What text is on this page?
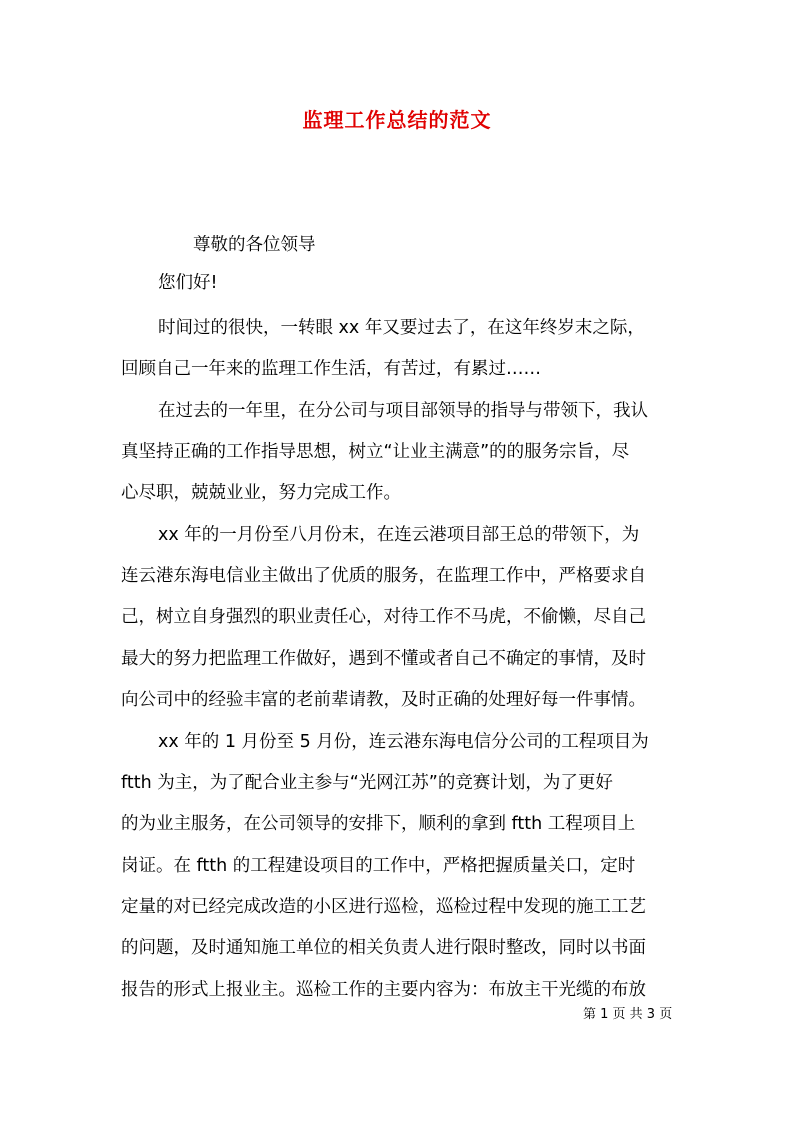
监理工作总结的范文
尊敬的各位领导
您们好!
时间过的很快，一转眼 xx 年又要过去了，在这年终岁末之际，
回顾自己一年来的监理工作生活，有苦过，有累过……
在过去的一年里，在分公司与项目部领导的指导与带领下，我认
真坚持正确的工作指导思想，树立“让业主满意”的的服务宗旨，尽
心尽职，兢兢业业，努力完成工作。
xx 年的一月份至八月份末，在连云港项目部王总的带领下，为
连云港东海电信业主做出了优质的服务，在监理工作中，严格要求自
己，树立自身强烈的职业责任心，对待工作不马虎，不偷懒，尽自己
最大的努力把监理工作做好，遇到不懂或者自己不确定的事情，及时
向公司中的经验丰富的老前辈请教，及时正确的处理好每一件事情。
xx 年的 1 月份至 5 月份，连云港东海电信分公司的工程项目为
ftth 为主，为了配合业主参与“光网江苏”的竞赛计划，为了更好
的为业主服务，在公司领导的安排下，顺利的拿到 ftth 工程项目上
岗证。在 ftth 的工程建设项目的工作中，严格把握质量关口，定时
定量的对已经完成改造的小区进行巡检，巡检过程中发现的施工工艺
的问题，及时通知施工单位的相关负责人进行限时整改，同时以书面
报告的形式上报业主。巡检工作的主要内容为：布放主干光缆的布放
第 1 页 共 3 页
